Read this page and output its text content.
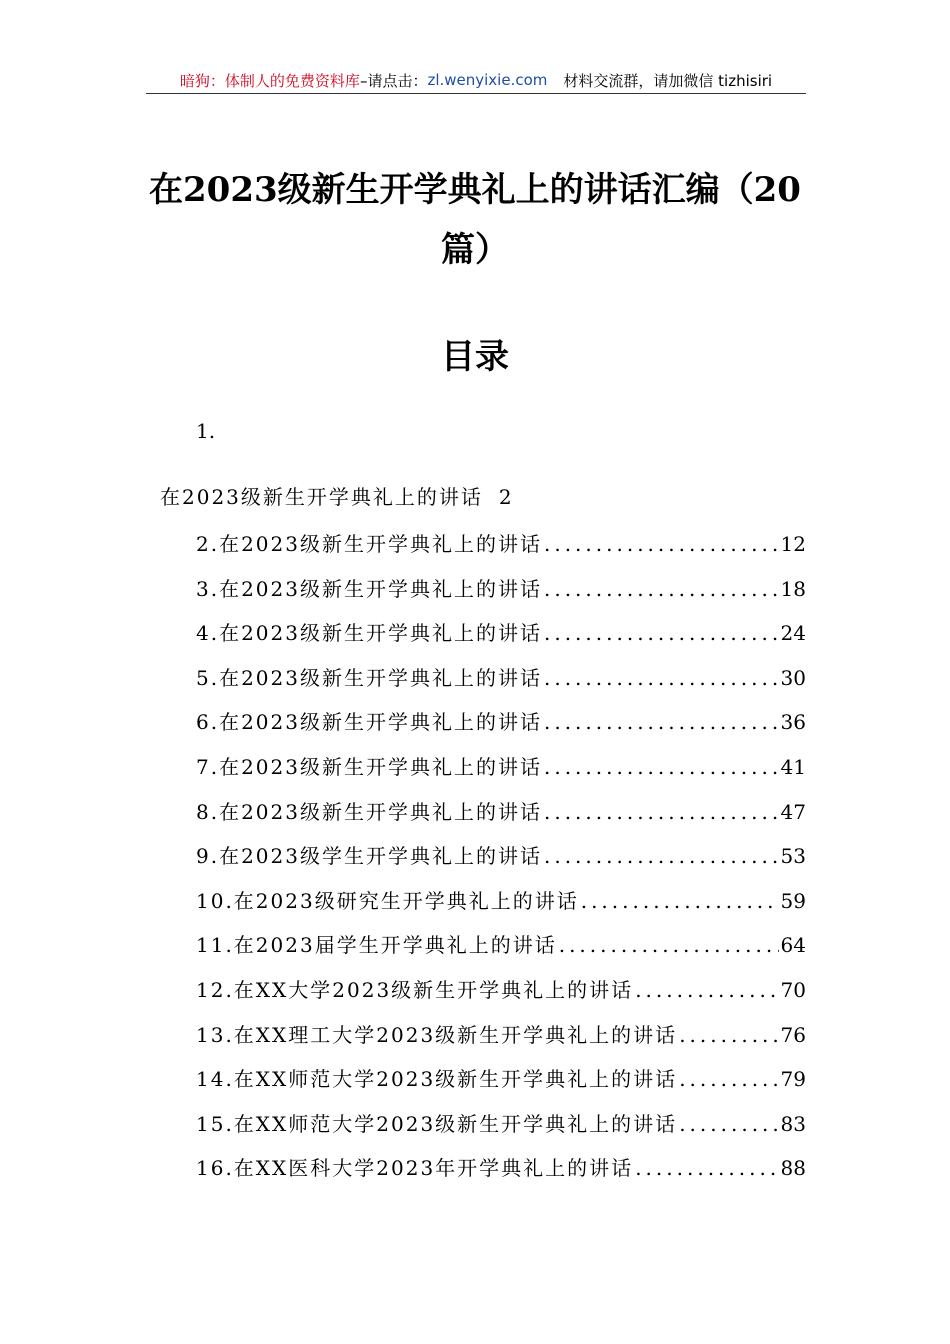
暗狗：体制人的免费资料库 –请点击： zl.wenyixie.com 材料交流群，请加微信 tizhisiri
在2023级新生开学典礼上的讲话汇编（20
篇）
目录
1.
在2023级新生开学典礼上的讲话 2
2.在2023级新生开学典礼上的讲话 .....	12
3.在2023级新生开学典礼上的讲话 .....	18
4.在2023级新生开学典礼上的讲话 .....	24
5.在2023级新生开学典礼上的讲话 .....	30
6.在2023级新生开学典礼上的讲话 .....	36
7.在2023级新生开学典礼上的讲话 .....	41
8.在2023级新生开学典礼上的讲话 .....	47
9.在2023级学生开学典礼上的讲话 .....	53
10.在2023级研究生开学典礼上的讲话 .....	59
11.在2023届学生开学典礼上的讲话 .....	64
12.在XX大学2023级新生开学典礼上的讲话 .....	70
13.在XX理工大学2023级新生开学典礼上的讲话 .....	76
14.在XX师范大学2023级新生开学典礼上的讲话 .....	79
15.在XX师范大学2023级新生开学典礼上的讲话 .....	83
16.在XX医科大学2023年开学典礼上的讲话 .....	88
